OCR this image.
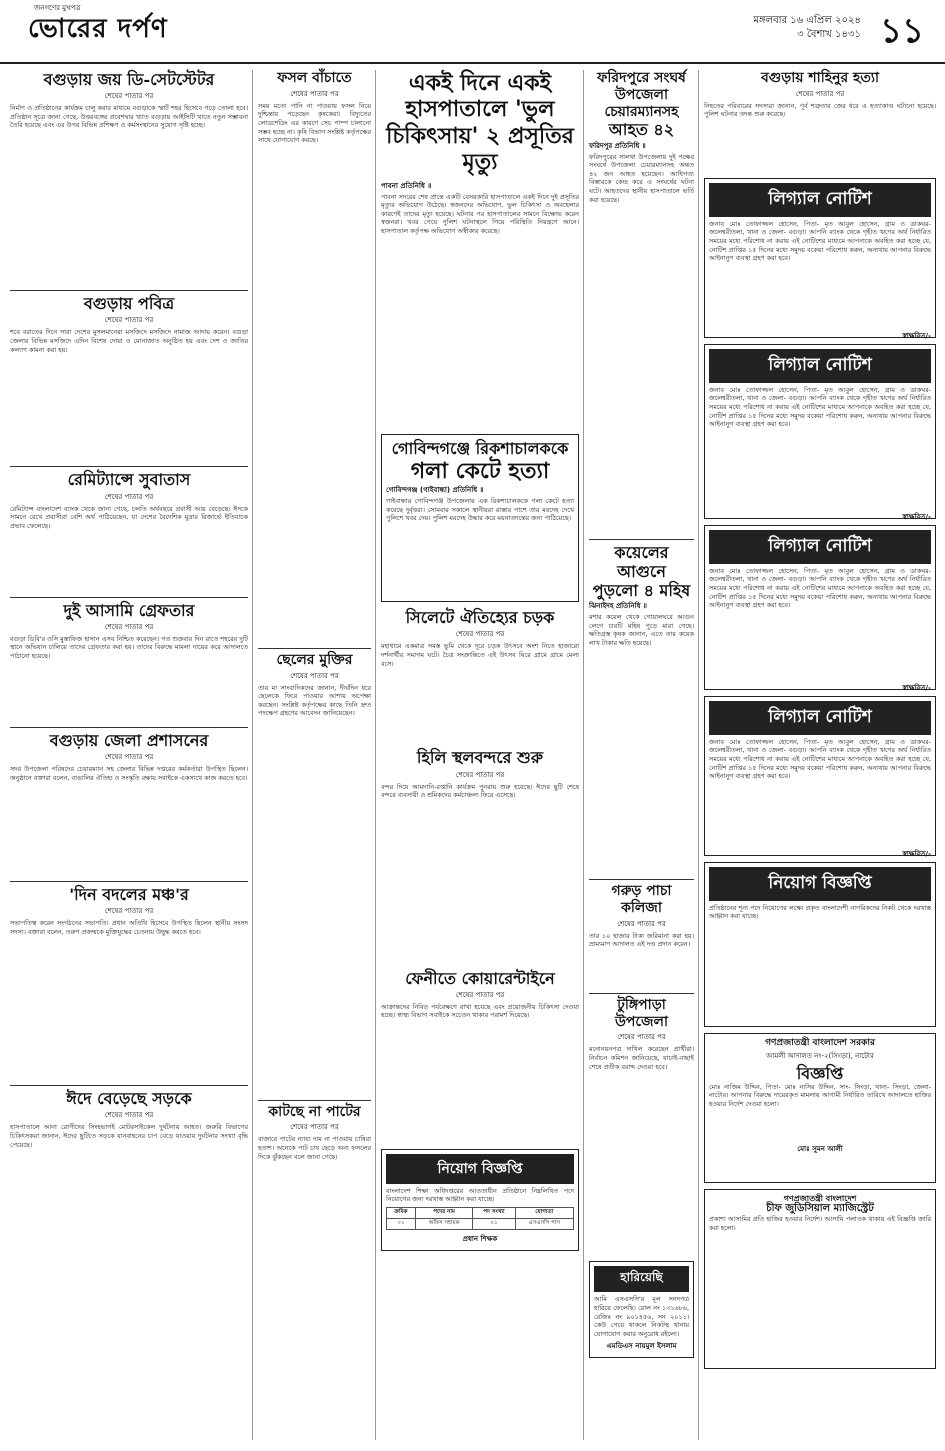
জনগণের মুখপত্র
ভোরের দর্পণ	মঙ্গলবার ১৬ এপ্রিল ২০২৪
৩ বৈশাখ ১৪৩১ ১১
বগুড়ায় জয় ডি-সেটস্টেটর
শেষের পাতার পর

নির্মাণ ও প্রতিষ্ঠানের কার্যক্রম চালু করার মাধ্যমে বগুড়াকে স্মার্ট শহর হিসেবে গড়ে তোলা হবে। প্রতিষ্ঠান সূত্রে জানা গেছে, উত্তরবঙ্গের প্রবেশদ্বার খ্যাত বগুড়ায় আইসিটি খাতে নতুন সম্ভাবনা তৈরি হয়েছে এবং এর উপর বিভিন্ন প্রশিক্ষণ ও কর্মসংস্থানের সুযোগ সৃষ্টি হচ্ছে।

বগুড়ায় পবিত্র
শেষের পাতার পর

শবে বরাতের দিনে সারা দেশের মুসলমানেরা মসজিদে মসজিদে নামাজ আদায় করেন। বগুড়া জেলার বিভিন্ন মসজিদে এদিন বিশেষ দোয়া ও মোনাজাত অনুষ্ঠিত হয় এবং দেশ ও জাতির কল্যাণ কামনা করা হয়।

রেমিট্যান্সে সুবাতাস
শেষের পাতার পর

রেমিট্যান্স বাংলাদেশ ব্যাংক থেকে জানা গেছে, চলতি অর্থবছরে প্রবাসী আয় বেড়েছে। ঈদকে সামনে রেখে প্রবাসীরা বেশি অর্থ পাঠিয়েছেন, যা দেশের বৈদেশিক মুদ্রার রিজার্ভে ইতিবাচক প্রভাব ফেলেছে।

দুই আসামি গ্রেফতার
শেষের পাতার পর

বগুড়া ডিবি'র ওসি মুস্তাফিজ হাসান এসব নিশ্চিত করেছেন। গত শুক্রবার দিন রাতে শহরের দুটি স্থানে অভিযান চালিয়ে তাদের গ্রেফতার করা হয়। তাদের বিরুদ্ধে মামলা দায়ের করে আদালতে পাঠানো হয়েছে।

বগুড়ায় জেলা প্রশাসনের
শেষের পাতার পর

সদর উপজেলা পরিষদের চেয়ারম্যান সহ জেলার বিভিন্ন দপ্তরের কর্মকর্তারা উপস্থিত ছিলেন। অনুষ্ঠানে বক্তারা বলেন, বাঙালির ঐতিহ্য ও সংস্কৃতি রক্ষায় সবাইকে একসাথে কাজ করতে হবে।

'দিন বদলের মঞ্চ'র
শেষের পাতার পর

সভাপতিত্ব করেন সংগঠনের সভাপতি। প্রধান অতিথি হিসেবে উপস্থিত ছিলেন স্থানীয় সংসদ সদস্য। বক্তারা বলেন, তরুণ প্রজন্মকে মুক্তিযুদ্ধের চেতনায় উদ্বুদ্ধ করতে হবে।

ঈদে বেড়েছে সড়কে
শেষের পাতার পর

হাসপাতালে আনা রোগীদের সিংহভাগই মোটরসাইকেল দুর্ঘটনায় আহত। জরুরি বিভাগের চিকিৎসকরা জানান, ঈদের ছুটিতে সড়কে যানবাহনের চাপ বেড়ে যাওয়ায় দুর্ঘটনার সংখ্যা বৃদ্ধি পেয়েছে।

ফসল বাঁচাতে
শেষের পাতার পর

সময় মতো পানি না পাওয়ায় ফসল নিয়ে দুশ্চিন্তায় পড়েছেন কৃষকেরা। বিদ্যুতের লোডশেডিং এর কারণে সেচ পাম্প চালানো সম্ভব হচ্ছে না। কৃষি বিভাগ সংশ্লিষ্ট কর্তৃপক্ষের সাথে যোগাযোগ করছে।

ছেলের মুক্তির
শেষের পাতার পর

তার মা সাংবাদিকদের জানান, দীর্ঘদিন ধরে ছেলেকে ফিরে পাওয়ার আশায় অপেক্ষা করছেন। সংশ্লিষ্ট কর্তৃপক্ষের কাছে তিনি দ্রুত পদক্ষেপ গ্রহণের আবেদন জানিয়েছেন।

কাটছে না পাটের
শেষের পাতার পর

বাজারে পাটের ন্যায্য দাম না পাওয়ায় চাষিরা হতাশ। অনেকে পাট চাষ ছেড়ে অন্য ফসলের দিকে ঝুঁকছেন বলে জানা গেছে।

একই দিনে একই হাসপাতালে 'ভুল
চিকিৎসায়' ২ প্রসূতির মৃত্যু
পাবনা প্রতিনিধি ॥

পাবনা সদরের শেষ প্রান্তে একটি বেসরকারি হাসপাতালে একই দিনে দুই প্রসূতির মৃত্যুর অভিযোগ উঠেছে। স্বজনদের অভিযোগ, ভুল চিকিৎসা ও অবহেলার কারণেই তাদের মৃত্যু হয়েছে। ঘটনার পর হাসপাতালের সামনে বিক্ষোভ করেন স্বজনরা। খবর পেয়ে পুলিশ ঘটনাস্থলে গিয়ে পরিস্থিতি নিয়ন্ত্রণে আনে। হাসপাতাল কর্তৃপক্ষ অভিযোগ অস্বীকার করেছে।

গোবিন্দগঞ্জে রিকশাচালককে
গলা কেটে হত্যা
গোবিন্দগঞ্জ (গাইবান্ধা) প্রতিনিধি ॥

গাইবান্ধার গোবিন্দগঞ্জ উপজেলায় এক রিকশাচালককে গলা কেটে হত্যা করেছে দুর্বৃত্তরা। সোমবার সকালে স্থানীয়রা রাস্তার পাশে তার মরদেহ দেখে পুলিশে খবর দেয়। পুলিশ মরদেহ উদ্ধার করে ময়নাতদন্তের জন্য পাঠিয়েছে।

সিলেটে ঐতিহ্যের চড়ক
শেষের পাতার পর

মহাধামে একমাত্র সমস্ত ভুমি থেকে দূরে চড়ক উৎসবে অংশ নিতে হাজারো দর্শনার্থীর সমাগম ঘটে। চৈত্র সংক্রান্তিতে এই উৎসব ঘিরে গ্রামে গ্রামে মেলা বসে।

হিলি স্থলবন্দরে শুরু
শেষের পাতার পর

বন্দর দিয়ে আমদানি-রপ্তানি কার্যক্রম পুনরায় শুরু হয়েছে। ঈদের ছুটি শেষে বন্দরে ব্যবসায়ী ও শ্রমিকদের কর্মচাঞ্চল্য ফিরে এসেছে।

ফেনীতে কোয়ারেন্টাইনে
শেষের পাতার পর

আক্রান্তদের নিবিড় পর্যবেক্ষণে রাখা হয়েছে এবং প্রয়োজনীয় চিকিৎসা দেওয়া হচ্ছে। স্বাস্থ্য বিভাগ সবাইকে সচেতন থাকার পরামর্শ দিয়েছে।

নিয়োগ বিজ্ঞপ্তি

বাংলাদেশ শিক্ষা অধিদপ্তরের আওতাধীন প্রতিষ্ঠানে নিম্নলিখিত পদে নিয়োগের জন্য দরখাস্ত আহ্বান করা যাচ্ছে।

ক্রমিক	পদের নাম	পদ সংখ্যা	যোগ্যতা
০১	অফিস সহায়ক	০১	এসএসসি পাস
প্রধান শিক্ষক
ফরিদপুরে সংঘর্ষ
উপজেলা চেয়ারম্যানসহ
আহত ৪২
ফরিদপুর প্রতিনিধি ॥

ফরিদপুরের সালথা উপজেলায় দুই পক্ষের সংঘর্ষে উপজেলা চেয়ারম্যানসহ অন্তত ৪২ জন আহত হয়েছেন। আধিপত্য বিস্তারকে কেন্দ্র করে এ সংঘর্ষের ঘটনা ঘটে। আহতদের স্থানীয় হাসপাতালে ভর্তি করা হয়েছে।

কয়েলের আগুনে
পুড়লো ৪ মহিষ
ঝিনাইদহ প্রতিনিধি ॥

মশার কয়েল থেকে গোয়ালঘরে আগুন লেগে চারটি মহিষ পুড়ে মারা গেছে। ক্ষতিগ্রস্ত কৃষক জানান, এতে তার কয়েক লাখ টাকার ক্ষতি হয়েছে।

গরুড় পাচা কলিজা
শেষের পাতার পর

তার ১০ হাজার টাকা জরিমানা করা হয়। ভ্রাম্যমাণ আদালত এই দণ্ড প্রদান করেন।

টুঙ্গিপাড়া উপজেলা
শেষের পাতার পর

মনোনয়নপত্র দাখিল করেছেন প্রার্থীরা। নির্বাচন কমিশন জানিয়েছে, যাচাই-বাছাই শেষে প্রতীক বরাদ্দ দেওয়া হবে।

হারিয়েছি

আমি এসএসসি'র মূল সনদপত্র হারিয়ে ফেলেছি। রোল নং ১৩১৬৮৬, রেজিঃ নং ৯০১৪৫৬, সন ২০১১। কেউ পেয়ে থাকলে নিকটস্থ থানায় যোগাযোগ করার অনুরোধ রইলো।

এমডিএস নায়মুল ইসলাম
বগুড়ায় শাহিনুর হত্যা
শেষের পাতার পর

নিহতের পরিবারের সদস্যরা জানান, পূর্ব শত্রুতার জের ধরে এ হত্যাকাণ্ড ঘটানো হয়েছে। পুলিশ ঘটনার তদন্ত শুরু করেছে।

লিগ্যাল নোটিশ

জনাব মোঃ তোফাজ্জল হোসেন, পিতা- মৃত আবুল হোসেন, গ্রাম ও ডাকঘর- জলেশ্বরীতলা, থানা ও জেলা- বগুড়া। আপনি ব্যাংক থেকে গৃহীত ঋণের অর্থ নির্ধারিত সময়ের মধ্যে পরিশোধ না করায় এই নোটিশের মাধ্যমে আপনাকে অবহিত করা হচ্ছে যে, নোটিশ প্রাপ্তির ১৫ দিনের মধ্যে সমুদয় বকেয়া পরিশোধ করুন, অন্যথায় আপনার বিরুদ্ধে আইনানুগ ব্যবস্থা গ্রহণ করা হবে।

স্বাক্ষরিত/-
লিগ্যাল নোটিশ

জনাব মোঃ তোফাজ্জল হোসেন, পিতা- মৃত আবুল হোসেন, গ্রাম ও ডাকঘর- জলেশ্বরীতলা, থানা ও জেলা- বগুড়া। আপনি ব্যাংক থেকে গৃহীত ঋণের অর্থ নির্ধারিত সময়ের মধ্যে পরিশোধ না করায় এই নোটিশের মাধ্যমে আপনাকে অবহিত করা হচ্ছে যে, নোটিশ প্রাপ্তির ১৫ দিনের মধ্যে সমুদয় বকেয়া পরিশোধ করুন, অন্যথায় আপনার বিরুদ্ধে আইনানুগ ব্যবস্থা গ্রহণ করা হবে।

স্বাক্ষরিত/-
লিগ্যাল নোটিশ

জনাব মোঃ তোফাজ্জল হোসেন, পিতা- মৃত আবুল হোসেন, গ্রাম ও ডাকঘর- জলেশ্বরীতলা, থানা ও জেলা- বগুড়া। আপনি ব্যাংক থেকে গৃহীত ঋণের অর্থ নির্ধারিত সময়ের মধ্যে পরিশোধ না করায় এই নোটিশের মাধ্যমে আপনাকে অবহিত করা হচ্ছে যে, নোটিশ প্রাপ্তির ১৫ দিনের মধ্যে সমুদয় বকেয়া পরিশোধ করুন, অন্যথায় আপনার বিরুদ্ধে আইনানুগ ব্যবস্থা গ্রহণ করা হবে।

স্বাক্ষরিত/-
লিগ্যাল নোটিশ

জনাব মোঃ তোফাজ্জল হোসেন, পিতা- মৃত আবুল হোসেন, গ্রাম ও ডাকঘর- জলেশ্বরীতলা, থানা ও জেলা- বগুড়া। আপনি ব্যাংক থেকে গৃহীত ঋণের অর্থ নির্ধারিত সময়ের মধ্যে পরিশোধ না করায় এই নোটিশের মাধ্যমে আপনাকে অবহিত করা হচ্ছে যে, নোটিশ প্রাপ্তির ১৫ দিনের মধ্যে সমুদয় বকেয়া পরিশোধ করুন, অন্যথায় আপনার বিরুদ্ধে আইনানুগ ব্যবস্থা গ্রহণ করা হবে।

স্বাক্ষরিত/-
নিয়োগ বিজ্ঞপ্তি

প্রতিষ্ঠানের শূন্য পদে নিয়োগের লক্ষ্যে প্রকৃত বাংলাদেশী নাগরিকদের নিকট থেকে দরখাস্ত আহ্বান করা যাচ্ছে।

গণপ্রজাতন্ত্রী বাংলাদেশ সরকার
আমলী আদালত নং-২(সিংড়া), নাটোর
বিজ্ঞপ্তি

মোঃ নাজিম উদ্দিন, পিতা- মোঃ নাসির উদ্দিন, সাং- সিংড়া, থানা- সিংড়া, জেলা- নাটোর। আপনার বিরুদ্ধে দায়েরকৃত মামলায় আগামী নির্ধারিত তারিখে আদালতে হাজির হওয়ার নির্দেশ দেওয়া হলো।

মোঃ সুমন আলী
গণপ্রজাতন্ত্রী বাংলাদেশ
চীফ জুডিসিয়াল ম্যাজিস্ট্রেট

প্রকাশ্য আসামির প্রতি হাজির হওয়ার নির্দেশ। আসামি পলাতক থাকায় এই বিজ্ঞপ্তি জারি করা হলো।
